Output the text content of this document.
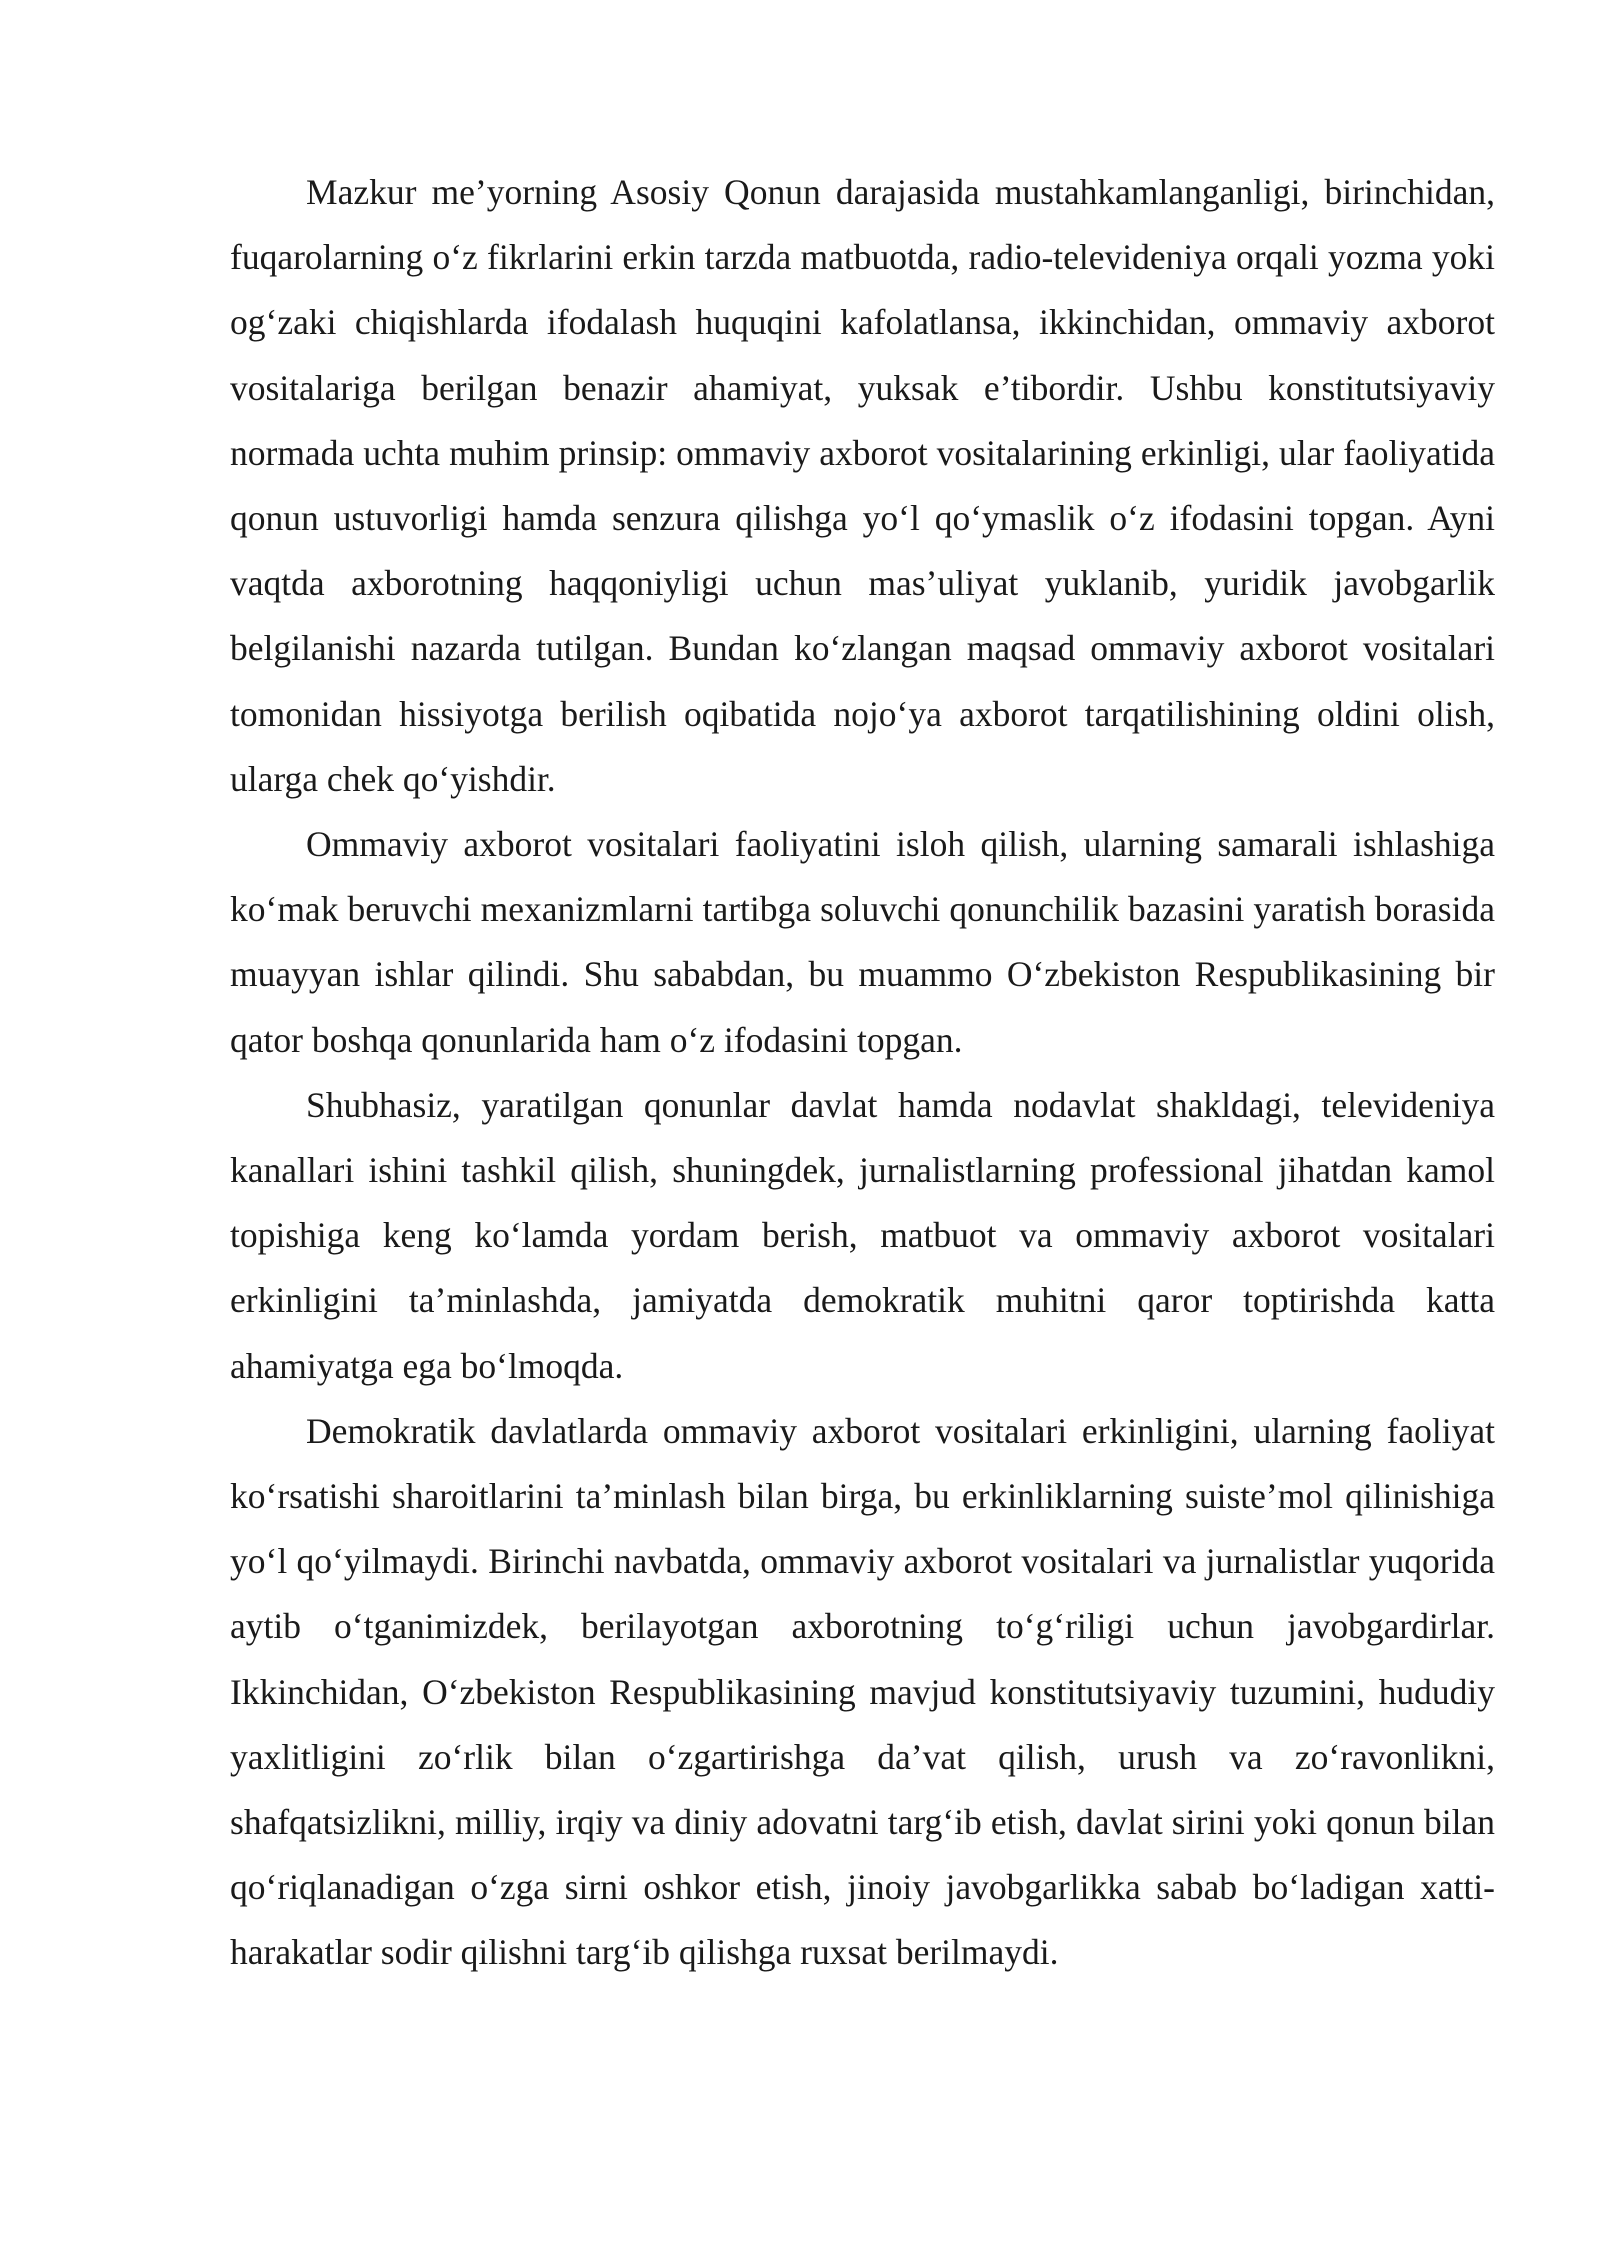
Mazkur me’yorning Asosiy Qonun darajasida mustahkamlanganligi, birinchidan, fuqarolarning o‘z fikrlarini erkin tarzda matbuotda, radio-televideniya orqali yozma yoki og‘zaki chiqishlarda ifodalash huquqini kafolatlansa, ikkinchidan, ommaviy axborot vositalariga berilgan benazir ahamiyat, yuksak e’tibordir. Ushbu konstitutsiyaviy normada uchta muhim prinsip: ommaviy axborot vositalarining erkinligi, ular faoliyatida qonun ustuvorligi hamda senzura qilishga yo‘l qo‘ymaslik o‘z ifodasini topgan. Ayni vaqtda axborotning haqqoniyligi uchun mas’uliyat yuklanib, yuridik javobgarlik belgilanishi nazarda tutilgan. Bundan ko‘zlangan maqsad ommaviy axborot vositalari tomonidan hissiyotga berilish oqibatida nojo‘ya axborot tarqatilishining oldini olish, ularga chek qo‘yishdir.

Ommaviy axborot vositalari faoliyatini isloh qilish, ularning samarali ishlashiga ko‘mak beruvchi mexanizmlarni tartibga soluvchi qonunchilik bazasini yaratish borasida muayyan ishlar qilindi. Shu sababdan, bu muammo O‘zbekiston Respublikasining bir qator boshqa qonunlarida ham o‘z ifodasini topgan.

Shubhasiz, yaratilgan qonunlar davlat hamda nodavlat shakldagi, televideniya kanallari ishini tashkil qilish, shuningdek, jurnalistlarning professional jihatdan kamol topishiga keng ko‘lamda yordam berish, matbuot va ommaviy axborot vositalari erkinligini ta’minlashda, jamiyatda demokratik muhitni qaror toptirishda katta ahamiyatga ega bo‘lmoqda.

Demokratik davlatlarda ommaviy axborot vositalari erkinligini, ularning faoliyat ko‘rsatishi sharoitlarini ta’minlash bilan birga, bu erkinliklarning suiste’mol qilinishiga yo‘l qo‘yilmaydi. Birinchi navbatda, ommaviy axborot vositalari va jurnalistlar yuqorida aytib o‘tganimizdek, berilayotgan axborotning to‘g‘riligi uchun javobgardirlar. Ikkinchidan, O‘zbekiston Respublikasining mavjud konstitutsiyaviy tuzumini, hududiy yaxlitligini zo‘rlik bilan o‘zgartirishga da’vat qilish, urush va zo‘ravonlikni, shafqatsizlikni, milliy, irqiy va diniy adovatni targ‘ib etish, davlat sirini yoki qonun bilan qo‘riqlanadigan o‘zga sirni oshkor etish, jinoiy javobgarlikka sabab bo‘ladigan xatti-harakatlar sodir qilishni targ‘ib qilishga ruxsat berilmaydi.
